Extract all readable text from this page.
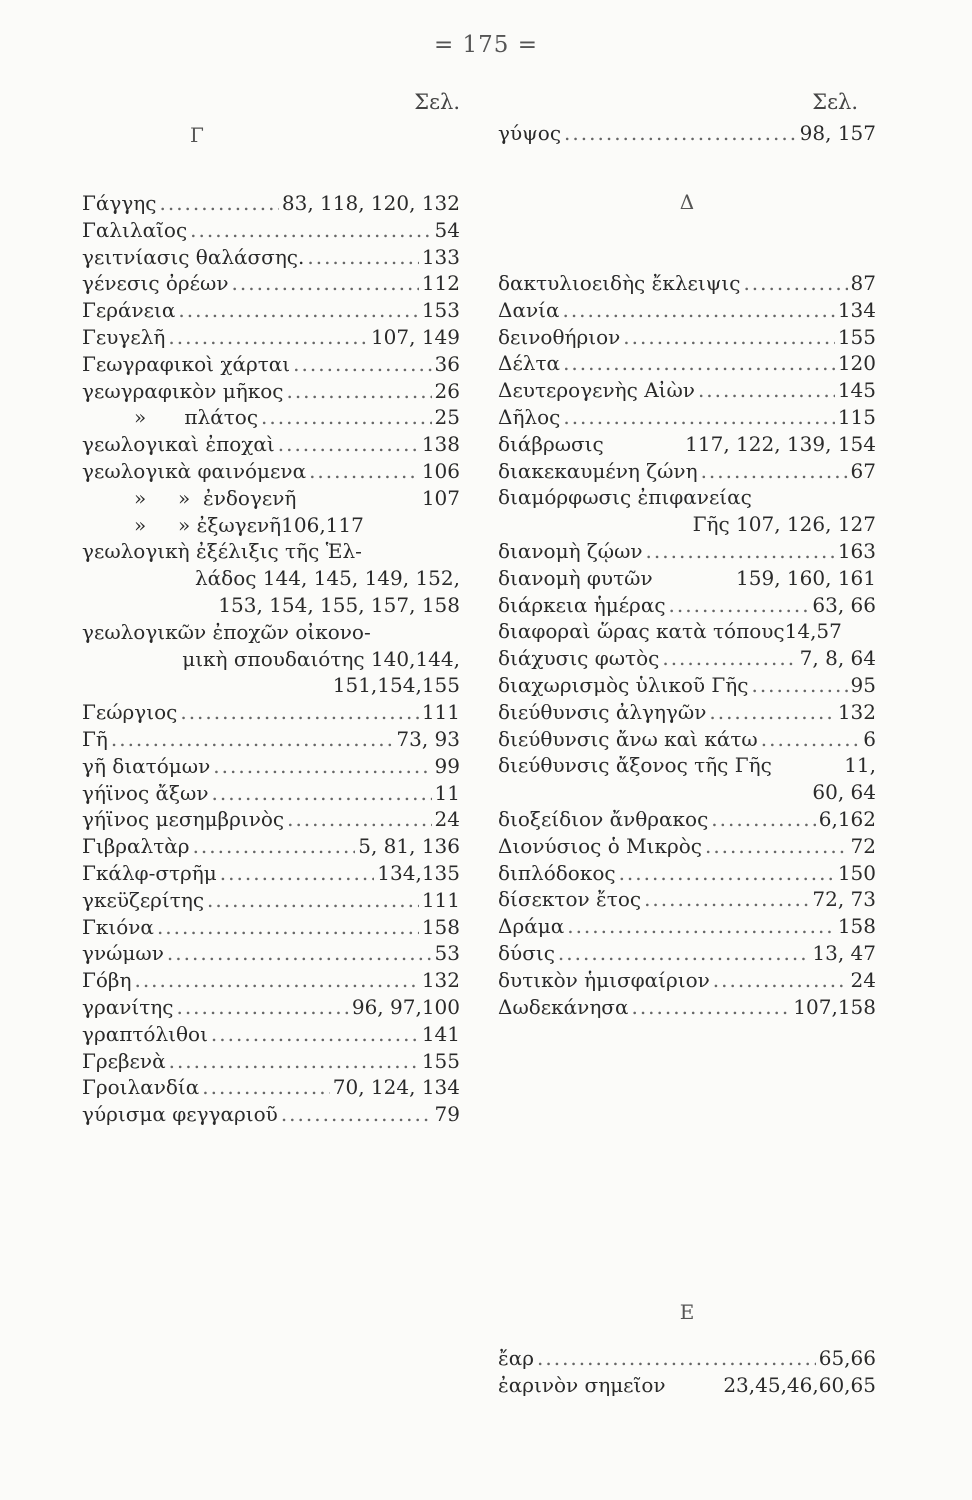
= 175 =
Σελ.
Γ
Γάγγης .....	83, 118, 120, 132
Γαλιλαῖος .....	54
γειτνίασις θαλάσσης. .....	133
γένεσις ὀρέων .....	112
Γεράνεια .....	153
Γευγελῆ .....	107, 149
Γεωγραφικοὶ χάρται .....	36
γεωγραφικὸν μῆκος .....	26
»      πλάτος .....	25
γεωλογικαὶ ἐποχαὶ .....	138
γεωλογικὰ φαινόμενα .....	106
»     »  ἐνδογενῆ	107
»     » ἐξωγενῆ 106,117
γεωλογικὴ ἐξέλιξις τῆς Ἑλ-
λάδος 144, 145, 149, 152,
153, 154, 155, 157, 158
γεωλογικῶν ἐποχῶν οἰκονο-
μικὴ σπουδαιότης 140,144,
151,154,155
Γεώργιος .....	111
Γῆ .....	73, 93
γῆ διατόμων .....	99
γήϊνος ἄξων .....	11
γήϊνος μεσημβρινὸς .....	24
Γιβραλτὰρ .....	5, 81, 136
Γκάλφ-στρῆμ .....	134,135
γκεϋζερίτης .....	111
Γκιόνα .....	158
γνώμων .....	53
Γόβη .....	132
γρανίτης .....	96, 97,100
γραπτόλιθοι .....	141
Γρεβενὰ .....	155
Γροιλανδία .....	70, 124, 134
γύρισμα φεγγαριοῦ .....	79
Σελ.
γύψος .....	98, 157
Δ
δακτυλιοειδὴς ἔκλειψις .....	87
Δανία .....	134
δεινοθήριον .....	155
Δέλτα .....	120
Δευτερογενὴς Αἰὼν .....	145
Δῆλος .....	115
διάβρωσις	117, 122, 139, 154
διακεκαυμένη ζώνη .....	67
διαμόρφωσις ἐπιφανείας
Γῆς 107, 126, 127
διανομὴ ζῴων .....	163
διανομὴ φυτῶν	159, 160, 161
διάρκεια ἡμέρας .....	63, 66
διαφοραὶ ὥρας κατὰ τόπους 14,57
διάχυσις φωτὸς .....	7, 8, 64
διαχωρισμὸς ὑλικοῦ Γῆς .....	95
διεύθυνσις ἀλγηγῶν .....	132
διεύθυνσις ἄνω καὶ κάτω .....	6
διεύθυνσις ἄξονος τῆς Γῆς	11,
60, 64
διοξείδιον ἄνθρακος .....	6,162
Διονύσιος ὁ Μικρὸς .....	72
διπλόδοκος .....	150
δίσεκτον ἔτος .....	72, 73
Δράμα .....	158
δύσις .....	13, 47
δυτικὸν ἡμισφαίριον .....	24
Δωδεκάνησα .....	107,158
Ε
ἔαρ .....	65,66
ἐαρινὸν σημεῖον	23,45,46,60,65
